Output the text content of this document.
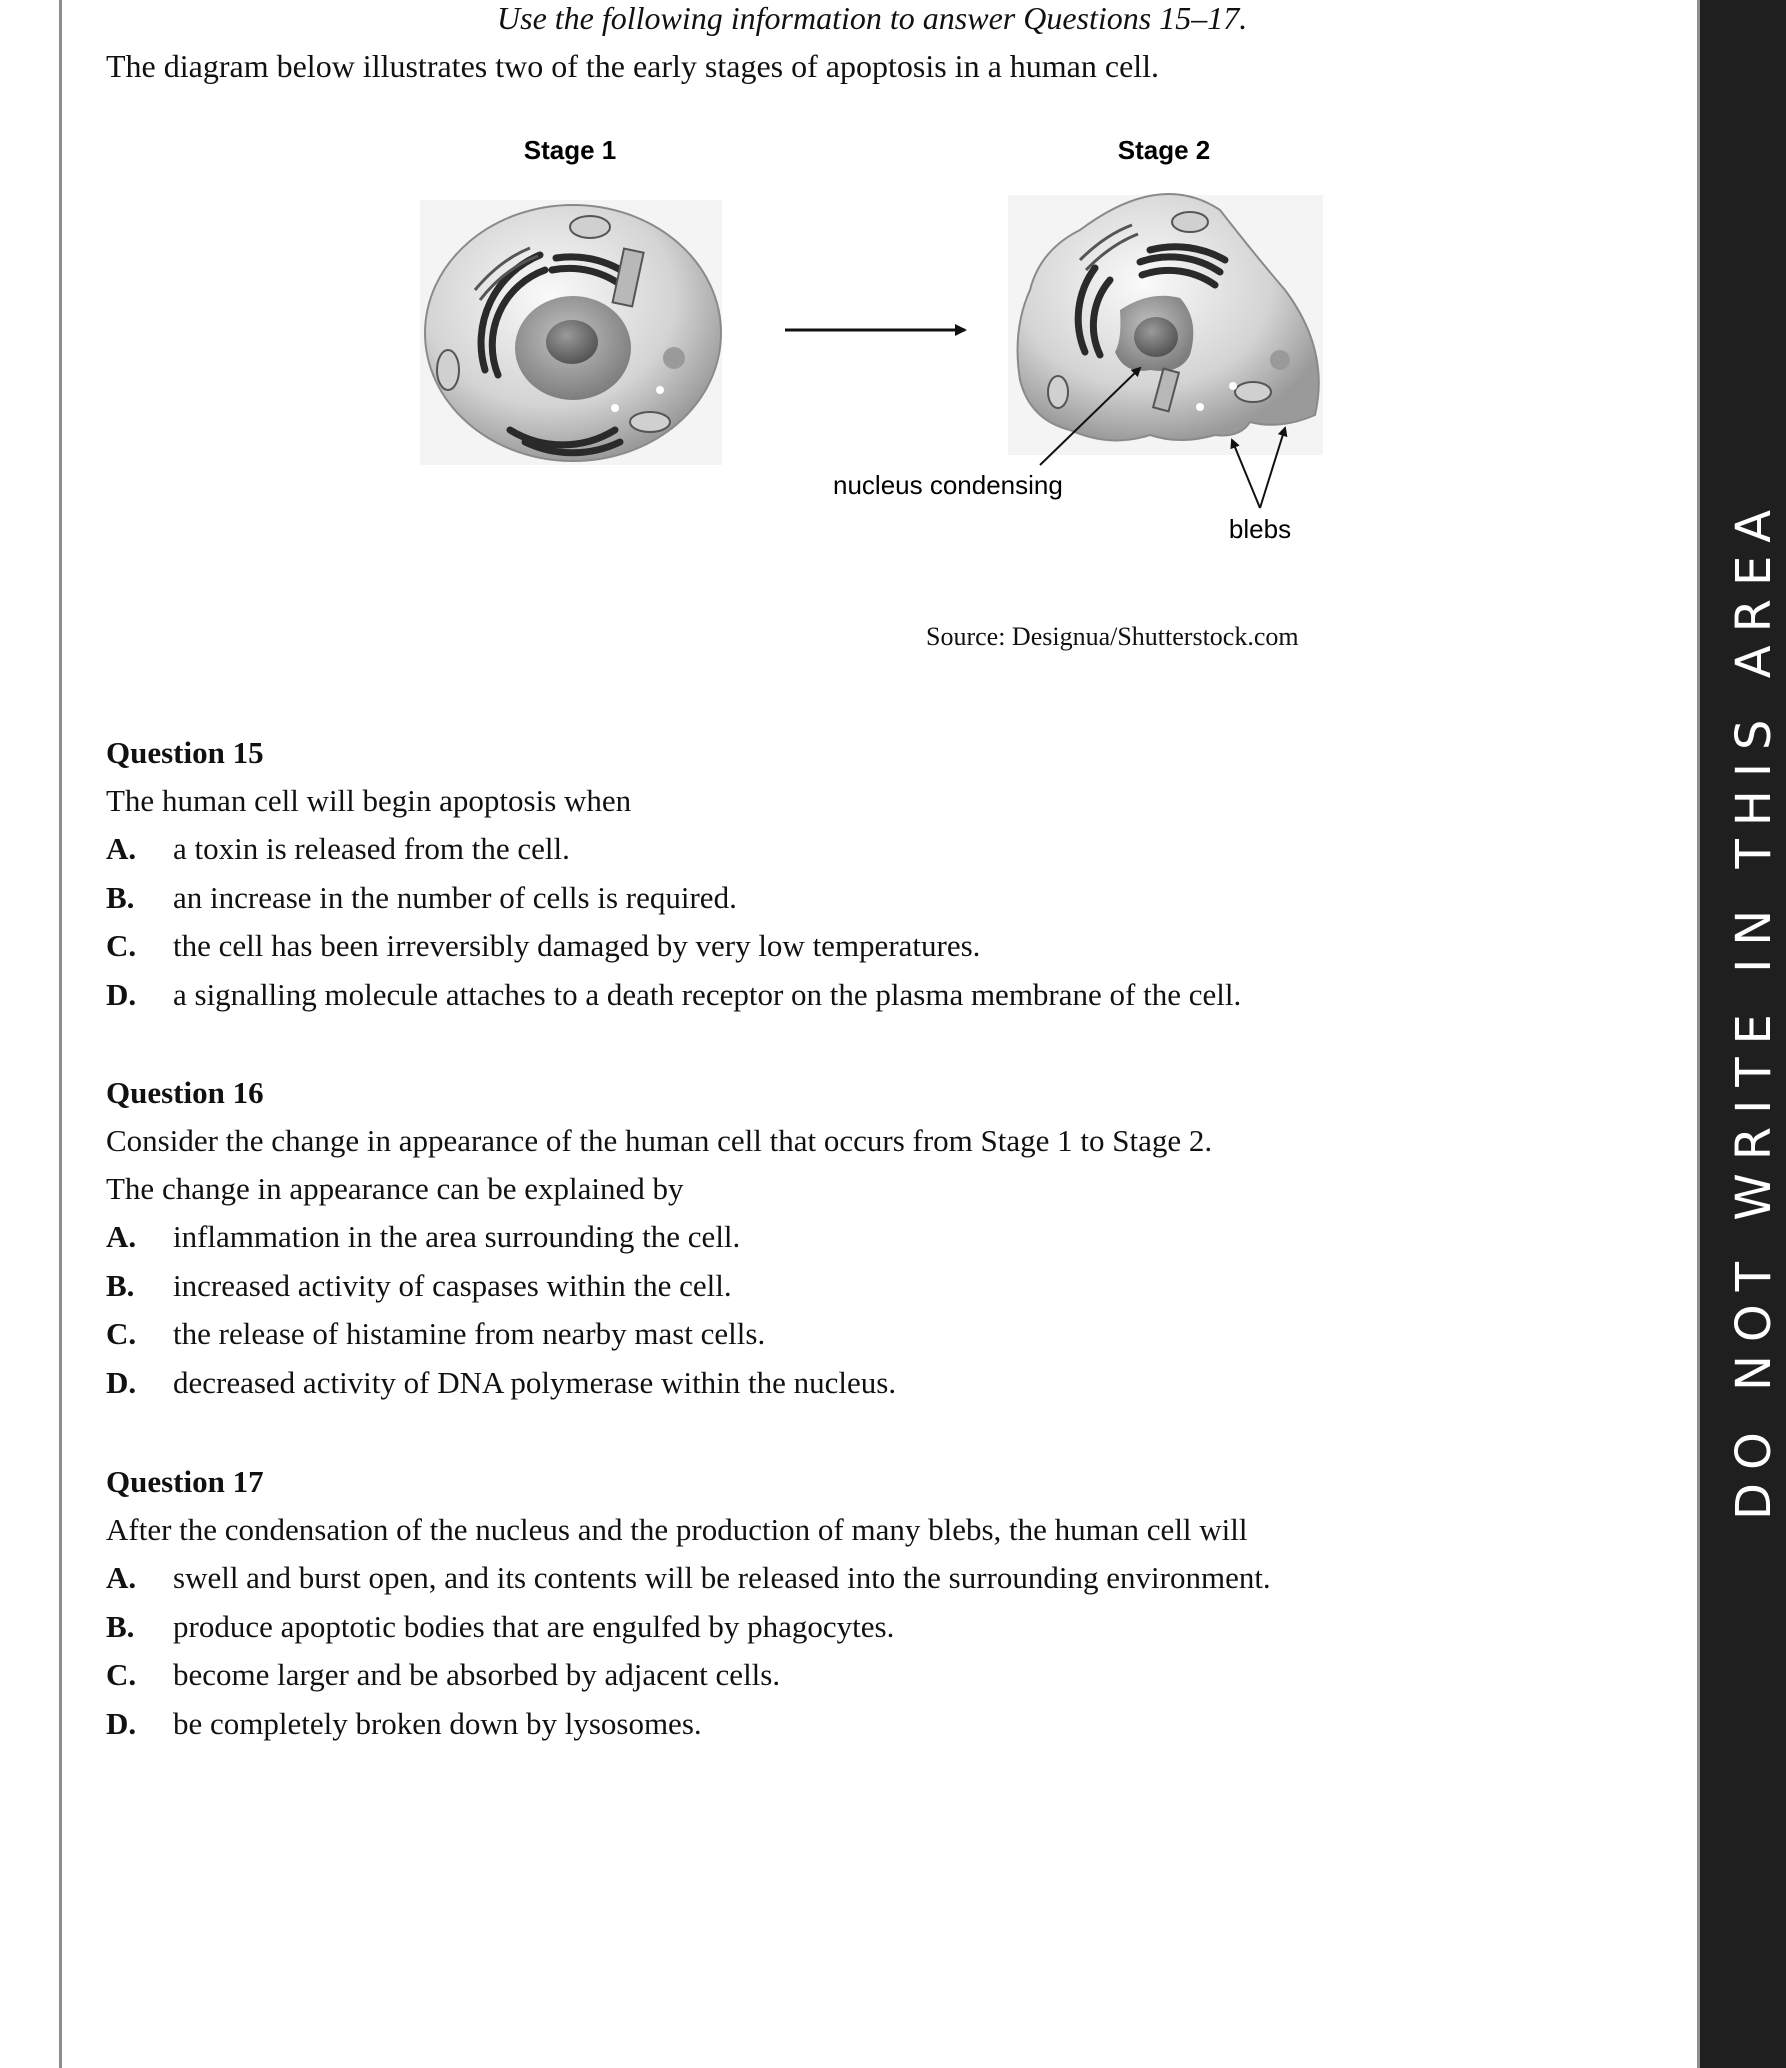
DO NOT WRITE IN THIS AREA
Use the following information to answer Questions 15–17.
The diagram below illustrates two of the early stages of apoptosis in a human cell.
Stage 1	Stage 2
nucleus condensing
blebs
Source: Designua/Shutterstock.com
Question 15
The human cell will begin apoptosis when
A. a toxin is released from the cell.
B. an increase in the number of cells is required.
C. the cell has been irreversibly damaged by very low temperatures.
D. a signalling molecule attaches to a death receptor on the plasma membrane of the cell.
Question 16
Consider the change in appearance of the human cell that occurs from Stage 1 to Stage 2.
The change in appearance can be explained by
A. inflammation in the area surrounding the cell.
B. increased activity of caspases within the cell.
C. the release of histamine from nearby mast cells.
D. decreased activity of DNA polymerase within the nucleus.
Question 17
After the condensation of the nucleus and the production of many blebs, the human cell will
A. swell and burst open, and its contents will be released into the surrounding environment.
B. produce apoptotic bodies that are engulfed by phagocytes.
C. become larger and be absorbed by adjacent cells.
D. be completely broken down by lysosomes.
